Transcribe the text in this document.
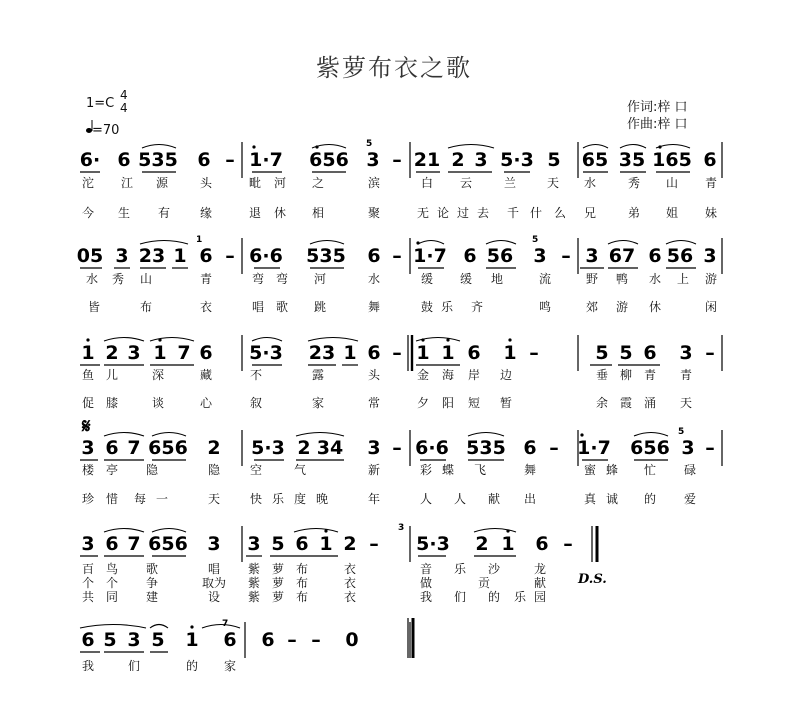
紫萝布衣之歌
1=C
4
4
=70
作词:梓 口
作曲:梓 口
6· 6 535 6 – 1·7 656 3 – 21 2 3 5·3 5 65 35 165 6
沱 江 源	头	毗 河 之	滨	白 云	兰	天 水	秀 山 青
今 生 有 缘	退 休 相	聚	无 论 过 去 千 什 么 兄	弟 姐 妹
05 3 23 1 6 – 6·6 535 6 – 1·7 6 56 3 – 3 67 6 56 3
水 秀 山	青	弯 弯 河	水	缓 缓 地	流	野 鸭 水 上 游
皆	布	衣	唱 歌 跳	舞	鼓 乐 齐	鸣	郊 游 休	闲
1 2 3 1 7 6 5·3 23 1 6 – 1 1 6 1 –	5 5 6 3 –
鱼 儿	深	藏	不	露	头	金 海 岸 边	垂 柳 青 青
促 膝	谈	心	叙	家	常	夕 阳 短 暂	余 霞 涌 天
3 6 7 656 2 5·3 2 34 3 – 6·6 535 6 – 1·7 656 3 –
楼 亭 隐	隐 空	气	新	彩 蝶 飞	舞	蜜 蜂 忙 碌
珍 惜 每 一	天 快 乐 度 晚	年	人 人 献 出	真 诚 的 爱
3 6 7 656 3 3 5 6 1 2 – 5·3 2 1 6 –
百 鸟 歌	唱 紫 萝 布	衣	音 乐 沙	龙
个 个 争	取为 紫 萝 布	衣	做	贡	献
共 同 建	设 紫 萝 布	衣	我 们 的 乐 园
6 5 3 5 1 6 6 – – 0
我	们	的 家
D.S.
𝄋
5
1	5
5
3
7
